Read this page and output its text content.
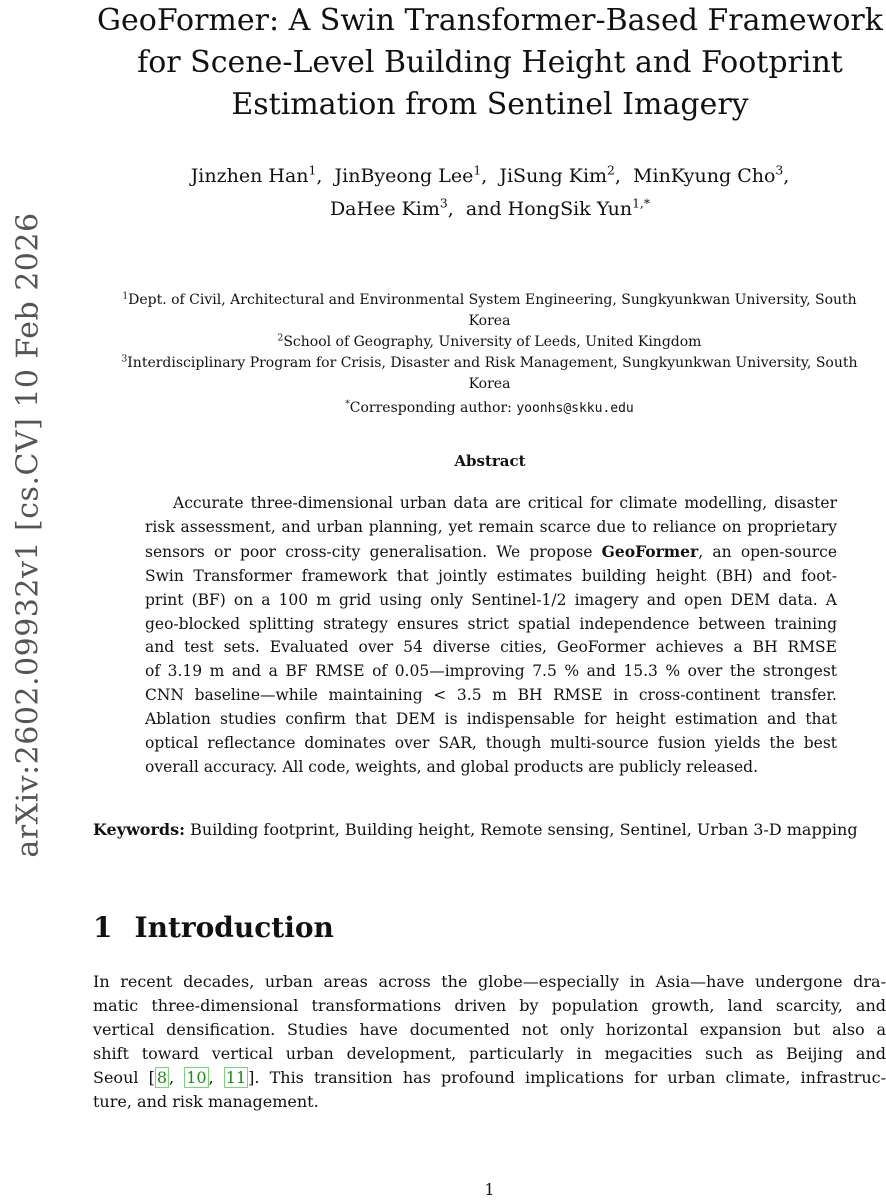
arXiv:2602.09932v1 [cs.CV] 10 Feb 2026
GeoFormer: A Swin Transformer-Based Framework
for Scene-Level Building Height and Footprint
Estimation from Sentinel Imagery
Jinzhen Han$^1$,  JinByeong Lee$^1$,  JiSung Kim$^2$,  MinKyung Cho$^3$,
DaHee Kim$^3$,  and HongSik Yun$^{1,*}$
$^1$Dept. of Civil, Architectural and Environmental System Engineering, Sungkyunkwan University, South
Korea
$^2$School of Geography, University of Leeds, United Kingdom
$^3$Interdisciplinary Program for Crisis, Disaster and Risk Management, Sungkyunkwan University, South
Korea
*Corresponding author: yoonhs@skku.edu
Abstract
Accurate three-dimensional urban data are critical for climate modelling, disaster
risk assessment, and urban planning, yet remain scarce due to reliance on proprietary
sensors or poor cross-city generalisation. We propose GeoFormer, an open-source
Swin Transformer framework that jointly estimates building height (BH) and foot-
print (BF) on a 100 m grid using only Sentinel-1/2 imagery and open DEM data. A
geo-blocked splitting strategy ensures strict spatial independence between training
and test sets. Evaluated over 54 diverse cities, GeoFormer achieves a BH RMSE
of 3.19 m and a BF RMSE of 0.05—improving 7.5 % and 15.3 % over the strongest
CNN baseline—while maintaining < 3.5 m BH RMSE in cross-continent transfer.
Ablation studies confirm that DEM is indispensable for height estimation and that
optical reflectance dominates over SAR, though multi-source fusion yields the best
overall accuracy. All code, weights, and global products are publicly released.
Keywords: Building footprint, Building height, Remote sensing, Sentinel, Urban 3-D mapping
1 Introduction
In recent decades, urban areas across the globe—especially in Asia—have undergone dra-
matic three-dimensional transformations driven by population growth, land scarcity, and
vertical densification. Studies have documented not only horizontal expansion but also a
shift toward vertical urban development, particularly in megacities such as Beijing and
Seoul [ 8 , 10 , 11 ]. This transition has profound implications for urban climate, infrastruc-
ture, and risk management.
1
